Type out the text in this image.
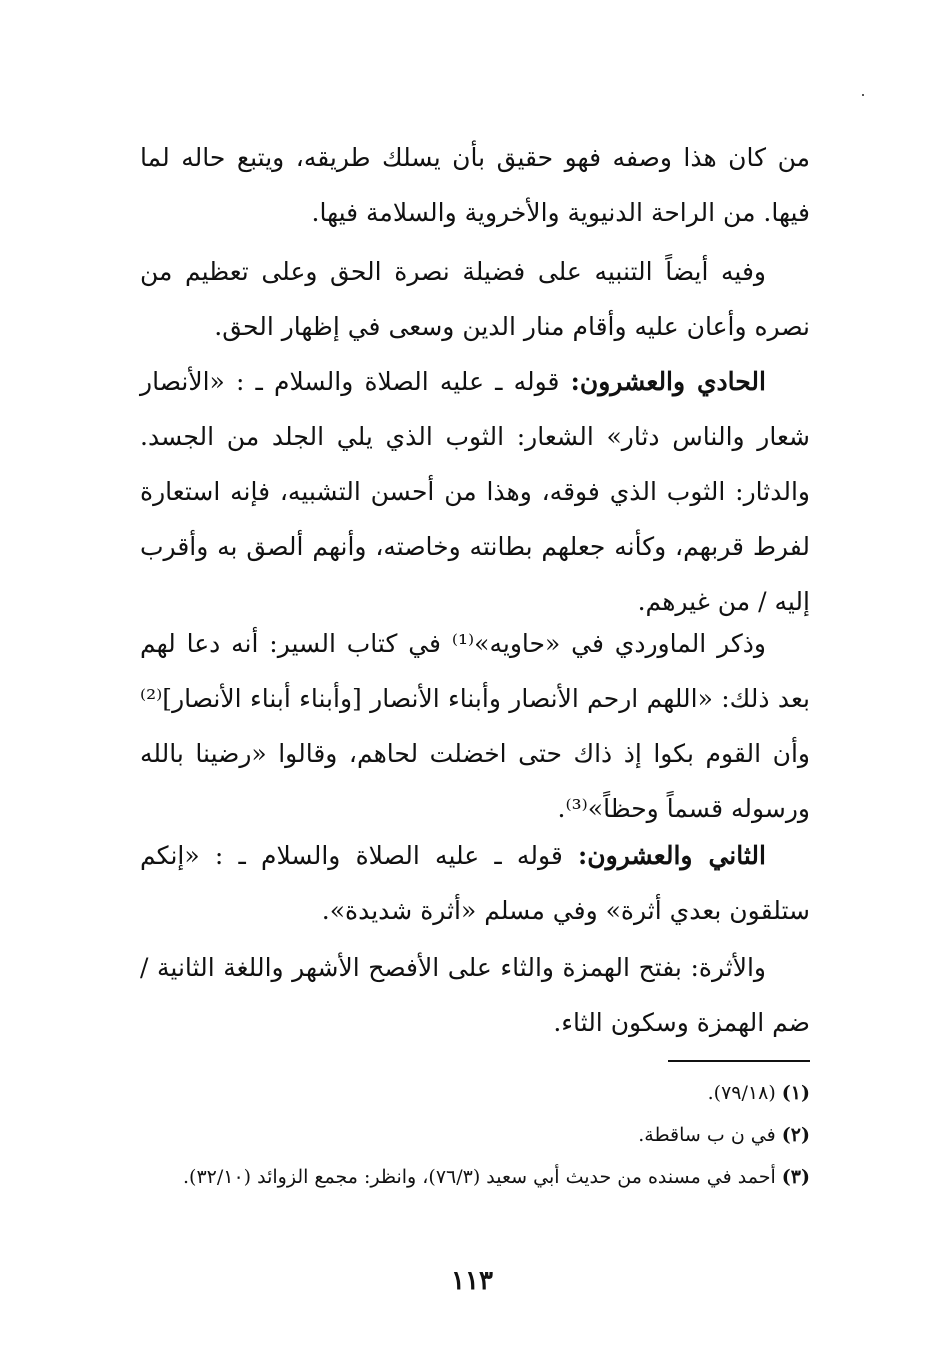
من كان هذا وصفه فهو حقيق بأن يسلك طريقه، ويتبع حاله لما فيها. من الراحة الدنيوية والأخروية والسلامة فيها.
وفيه أيضاً التنبيه على فضيلة نصرة الحق وعلى تعظيم من نصره وأعان عليه وأقام منار الدين وسعى في إظهار الحق.
الحادي والعشرون: قوله ـ عليه الصلاة والسلام ـ : «الأنصار شعار والناس دثار» الشعار: الثوب الذي يلي الجلد من الجسد. والدثار: الثوب الذي فوقه، وهذا من أحسن التشبيه، فإنه استعارة لفرط قربهم، وكأنه جعلهم بطانته وخاصته، وأنهم ألصق به وأقرب إليه / من غيرهم.
وذكر الماوردي في «حاويه»⁽¹⁾ في كتاب السير: أنه دعا لهم بعد ذلك: «اللهم ارحم الأنصار وأبناء الأنصار [وأبناء أبناء الأنصار]⁽²⁾ وأن القوم بكوا إذ ذاك حتى اخضلت لحاهم، وقالوا «رضينا بالله ورسوله قسماً وحظاً»⁽³⁾.
الثاني والعشرون: قوله ـ عليه الصلاة والسلام ـ : «إنكم ستلقون بعدي أثرة» وفي مسلم «أثرة شديدة».
والأثرة: بفتح الهمزة والثاء على الأفصح الأشهر واللغة الثانية / ضم الهمزة وسكون الثاء.
(١) (٧٩/١٨).
(٢) في ن ب ساقطة.
(٣) أحمد في مسنده من حديث أبي سعيد (٧٦/٣)، وانظر: مجمع الزوائد (٣٢/١٠).
١١٣
